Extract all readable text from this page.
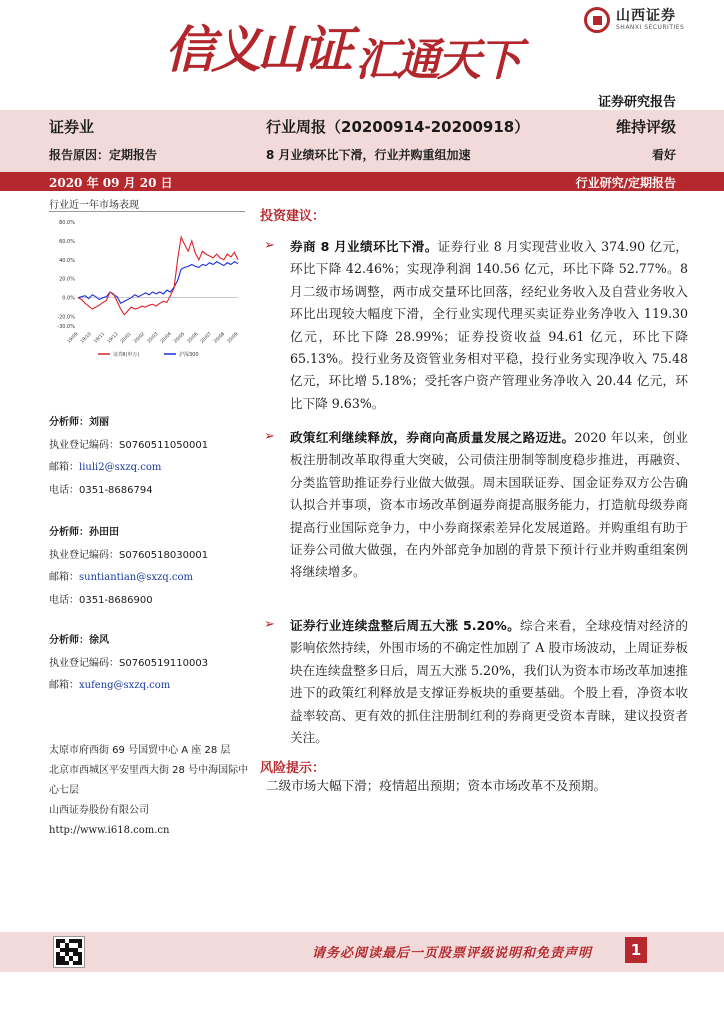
山西证券
SHANXI SECURITIES
信义山证 汇通天下
证券研究报告
证券业
报告原因：定期报告
行业周报（20200914-20200918）
8 月业绩环比下滑，行业并购重组加速
维持评级
看好
2020 年 09 月 20 日	行业研究/定期报告
行业近一年市场表现
80.0%
60.0%
40.0%
20.0%
0.0%
-20.0%
-30.0%
19/09 19/10 19/11 19/12 20/01 20/02 20/03 20/04 20/05 20/06 20/07 20/08 20/09
证券Ⅱ(申万)	沪深300
分析师：刘丽
执业登记编码：S0760511050001
邮箱：liuli2@sxzq.com
电话：0351-8686794
分析师：孙田田
执业登记编码：S0760518030001
邮箱：suntiantian@sxzq.com
电话：0351-8686900
分析师：徐风
执业登记编码：S0760519110003
邮箱：xufeng@sxzq.com
太原市府西街 69 号国贸中心 A 座 28 层
北京市西城区平安里西大街 28 号中海国际中心七层
山西证券股份有限公司
http://www.i618.com.cn
投资建议：
➢ 券商 8 月业绩环比下滑。证券行业 8 月实现营业收入 374.90 亿元，环比下降 42.46%；实现净利润 140.56 亿元，环比下降 52.77%。8 月二级市场调整，两市成交量环比回落，经纪业务收入及自营业务收入环比出现较大幅度下滑，全行业实现代理买卖证券业务净收入 119.30 亿元，环比下降 28.99%；证券投资收益 94.61 亿元，环比下降 65.13%。投行业务及资管业务相对平稳，投行业务实现净收入 75.48 亿元，环比增 5.18%；受托客户资产管理业务净收入 20.44 亿元，环比下降 9.63%。
➢ 政策红利继续释放，券商向高质量发展之路迈进。2020 年以来，创业板注册制改革取得重大突破，公司债注册制等制度稳步推进，再融资、分类监管助推证券行业做大做强。周末国联证券、国金证券双方公告确认拟合并事项，资本市场改革倒逼券商提高服务能力，打造航母级券商提高行业国际竞争力，中小券商探索差异化发展道路。并购重组有助于证券公司做大做强，在内外部竞争加剧的背景下预计行业并购重组案例将继续增多。
➢ 证券行业连续盘整后周五大涨 5.20%。综合来看，全球疫情对经济的影响依然持续，外围市场的不确定性加剧了 A 股市场波动，上周证券板块在连续盘整多日后，周五大涨 5.20%，我们认为资本市场改革加速推进下的政策红利释放是支撑证券板块的重要基础。个股上看，净资本收益率较高、更有效的抓住注册制红利的券商更受资本青睐，建议投资者关注。
风险提示：
二级市场大幅下滑；疫情超出预期；资本市场改革不及预期。
请务必阅读最后一页股票评级说明和免责声明	1
